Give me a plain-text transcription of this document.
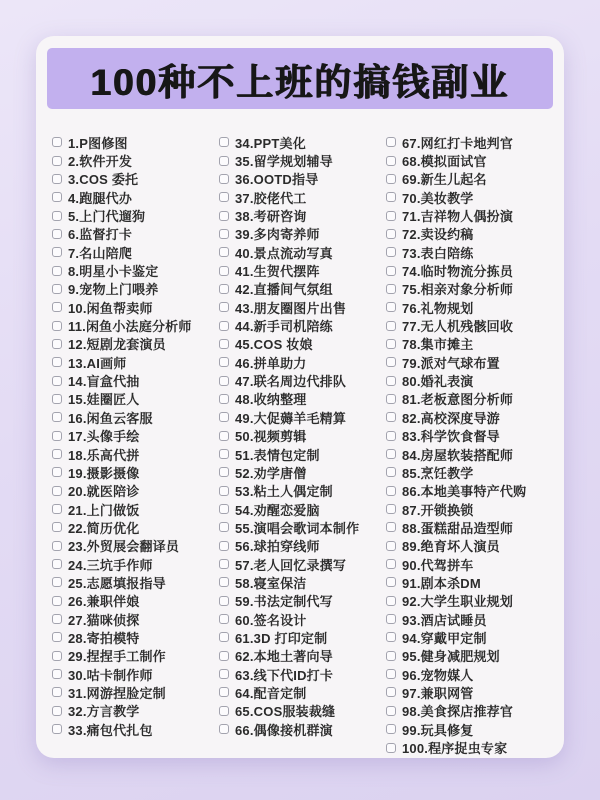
100种不上班的搞钱副业
1.P图修图
2.软件开发
3.COS 委托
4.跑腿代办
5.上门代遛狗
6.监督打卡
7.名山陪爬
8.明星小卡鉴定
9.宠物上门喂养
10.闲鱼帮卖师
11.闲鱼小法庭分析师
12.短剧龙套演员
13.AI画师
14.盲盒代抽
15.娃圈匠人
16.闲鱼云客服
17.头像手绘
18.乐高代拼
19.摄影摄像
20.就医陪诊
21.上门做饭
22.简历优化
23.外贸展会翻译员
24.三坑手作师
25.志愿填报指导
26.兼职伴娘
27.猫咪侦探
28.寄拍模特
29.捏捏手工制作
30.咕卡制作师
31.网游捏脸定制
32.方言教学
33.痛包代扎包
34.PPT美化
35.留学规划辅导
36.OOTD指导
37.胶佬代工
38.考研咨询
39.多肉寄养师
40.景点流动写真
41.生贺代摆阵
42.直播间气氛组
43.朋友圈图片出售
44.新手司机陪练
45.COS 妆娘
46.拼单助力
47.联名周边代排队
48.收纳整理
49.大促薅羊毛精算
50.视频剪辑
51.表情包定制
52.劝学唐僧
53.粘土人偶定制
54.劝醒恋爱脑
55.演唱会歌词本制作
56.球拍穿线师
57.老人回忆录撰写
58.寝室保洁
59.书法定制代写
60.签名设计
61.3D 打印定制
62.本地土著向导
63.线下代ID打卡
64.配音定制
65.COS服装裁缝
66.偶像接机群演
67.网红打卡地判官
68.模拟面试官
69.新生儿起名
70.美妆教学
71.吉祥物人偶扮演
72.卖设约稿
73.表白陪练
74.临时物流分拣员
75.相亲对象分析师
76.礼物规划
77.无人机残骸回收
78.集市摊主
79.派对气球布置
80.婚礼表演
81.老板意图分析师
82.高校深度导游
83.科学饮食督导
84.房屋软装搭配师
85.烹饪教学
86.本地美事特产代购
87.开锁换锁
88.蛋糕甜品造型师
89.绝育坏人演员
90.代驾拼车
91.剧本杀DM
92.大学生职业规划
93.酒店试睡员
94.穿戴甲定制
95.健身减肥规划
96.宠物媒人
97.兼职网管
98.美食探店推荐官
99.玩具修复
100.程序捉虫专家
